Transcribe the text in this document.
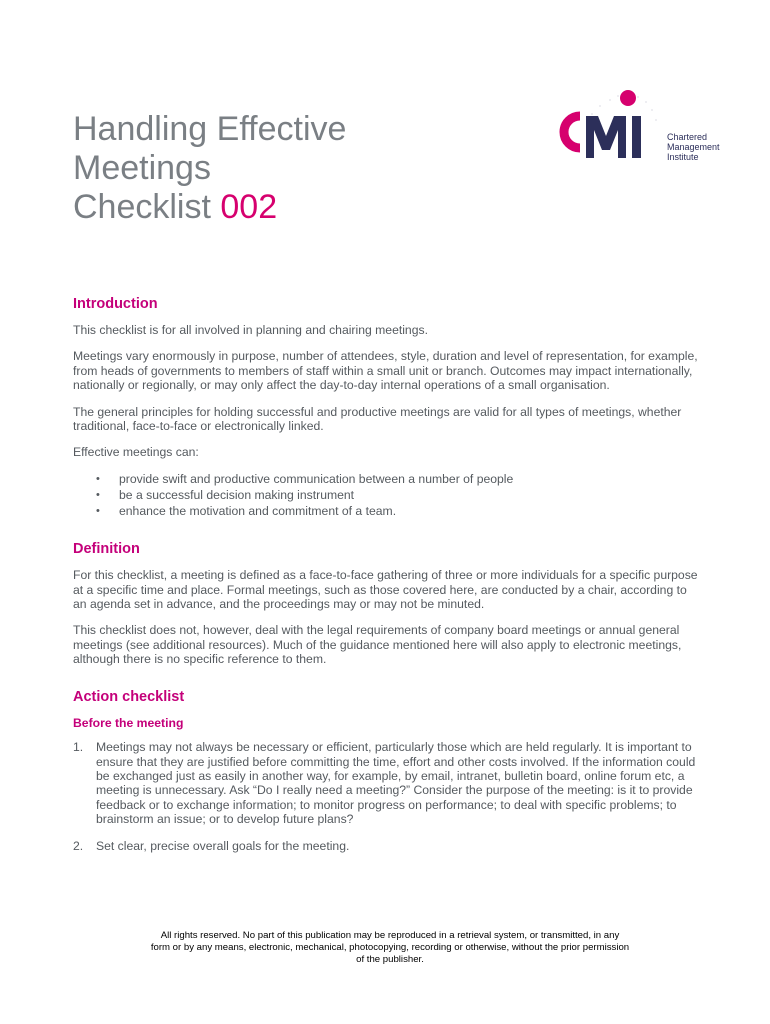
Handling Effective
Meetings
Checklist 002
Chartered
Management
Institute
Introduction

This checklist is for all involved in planning and chairing meetings.

Meetings vary enormously in purpose, number of attendees, style, duration and level of representation, for example, from heads of governments to members of staff within a small unit or branch. Outcomes may impact internationally, nationally or regionally, or may only affect the day-to-day internal operations of a small organisation.

The general principles for holding successful and productive meetings are valid for all types of meetings, whether traditional, face-to-face or electronically linked.

Effective meetings can:

• provide swift and productive communication between a number of people
• be a successful decision making instrument
• enhance the motivation and commitment of a team.
Definition

For this checklist, a meeting is defined as a face-to-face gathering of three or more individuals for a specific purpose at a specific time and place. Formal meetings, such as those covered here, are conducted by a chair, according to an agenda set in advance, and the proceedings may or may not be minuted.

This checklist does not, however, deal with the legal requirements of company board meetings or annual general meetings (see additional resources). Much of the guidance mentioned here will also apply to electronic meetings, although there is no specific reference to them.

Action checklist
Before the meeting
1. Meetings may not always be necessary or efficient, particularly those which are held regularly. It is important to ensure that they are justified before committing the time, effort and other costs involved. If the information could be exchanged just as easily in another way, for example, by email, intranet, bulletin board, online forum etc, a meeting is unnecessary. Ask “Do I really need a meeting?” Consider the purpose of the meeting: is it to provide feedback or to exchange information; to monitor progress on performance; to deal with specific problems; to brainstorm an issue; or to develop future plans?
2. Set clear, precise overall goals for the meeting.
All rights reserved. No part of this publication may be reproduced in a retrieval system, or transmitted, in any form or by any means, electronic, mechanical, photocopying, recording or otherwise, without the prior permission of the publisher.
